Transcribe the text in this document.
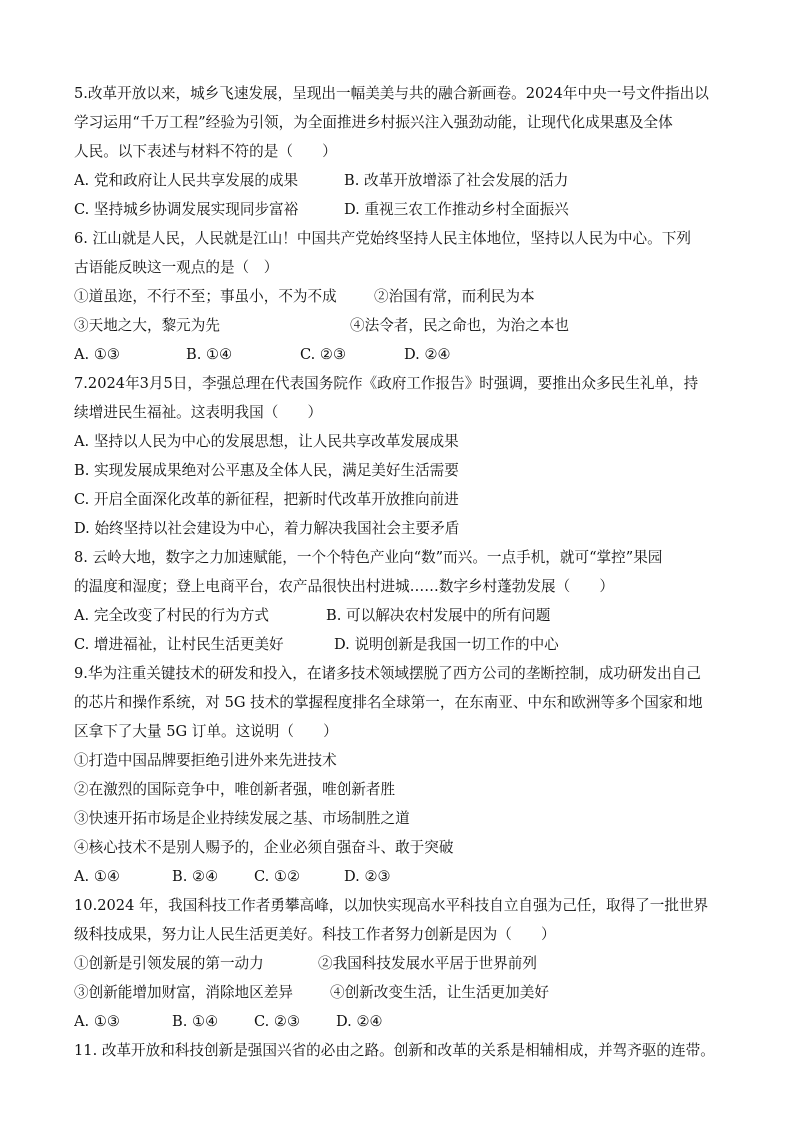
5.改革开放以来，城乡飞速发展，呈现出一幅美美与共的融合新画卷。2024年中央一号文件指出以
学习运用“千万工程”经验为引领，为全面推进乡村振兴注入强劲动能，让现代化成果惠及全体
人民。以下表述与材料不符的是（　　）
A. 党和政府让人民共享发展的成果	B. 改革开放增添了社会发展的活力
C. 坚持城乡协调发展实现同步富裕	D. 重视三农工作推动乡村全面振兴
6. 江山就是人民，人民就是江山！中国共产党始终坚持人民主体地位，坚持以人民为中心。下列
古语能反映这一观点的是（　）
①道虽迩，不行不至；事虽小，不为不成	②治国有常，而利民为本
③天地之大，黎元为先	④法令者，民之命也，为治之本也
A. ①③	B. ①④	C. ②③	D. ②④
7.2024年3月5日，李强总理在代表国务院作《政府工作报告》时强调，要推出众多民生礼单，持
续增进民生福祉。这表明我国（　　）
A. 坚持以人民为中心的发展思想，让人民共享改革发展成果
B. 实现发展成果绝对公平惠及全体人民，满足美好生活需要
C. 开启全面深化改革的新征程，把新时代改革开放推向前进
D. 始终坚持以社会建设为中心，着力解决我国社会主要矛盾
8. 云岭大地，数字之力加速赋能，一个个特色产业向“数”而兴。一点手机，就可“掌控”果园
的温度和湿度；登上电商平台，农产品很快出村进城……数字乡村蓬勃发展（　　）
A. 完全改变了村民的行为方式	B. 可以解决农村发展中的所有问题
C. 增进福祉，让村民生活更美好	D. 说明创新是我国一切工作的中心
9.华为注重关键技术的研发和投入，在诸多技术领域摆脱了西方公司的垄断控制，成功研发出自己
的芯片和操作系统，对 5G 技术的掌握程度排名全球第一，在东南亚、中东和欧洲等多个国家和地
区拿下了大量 5G 订单。这说明（　　）
①打造中国品牌要拒绝引进外来先进技术
②在激烈的国际竞争中，唯创新者强，唯创新者胜
③快速开拓市场是企业持续发展之基、市场制胜之道
④核心技术不是别人赐予的，企业必须自强奋斗、敢于突破
A. ①④	B. ②④	C. ①②	D. ②③
10.2024 年，我国科技工作者勇攀高峰，以加快实现高水平科技自立自强为己任，取得了一批世界
级科技成果，努力让人民生活更美好。科技工作者努力创新是因为（　　）
①创新是引领发展的第一动力	②我国科技发展水平居于世界前列
③创新能增加财富，消除地区差异	④创新改变生活，让生活更加美好
A. ①③	B. ①④	C. ②③	D. ②④
11. 改革开放和科技创新是强国兴省的必由之路。创新和改革的关系是相辅相成，并驾齐驱的连带。
